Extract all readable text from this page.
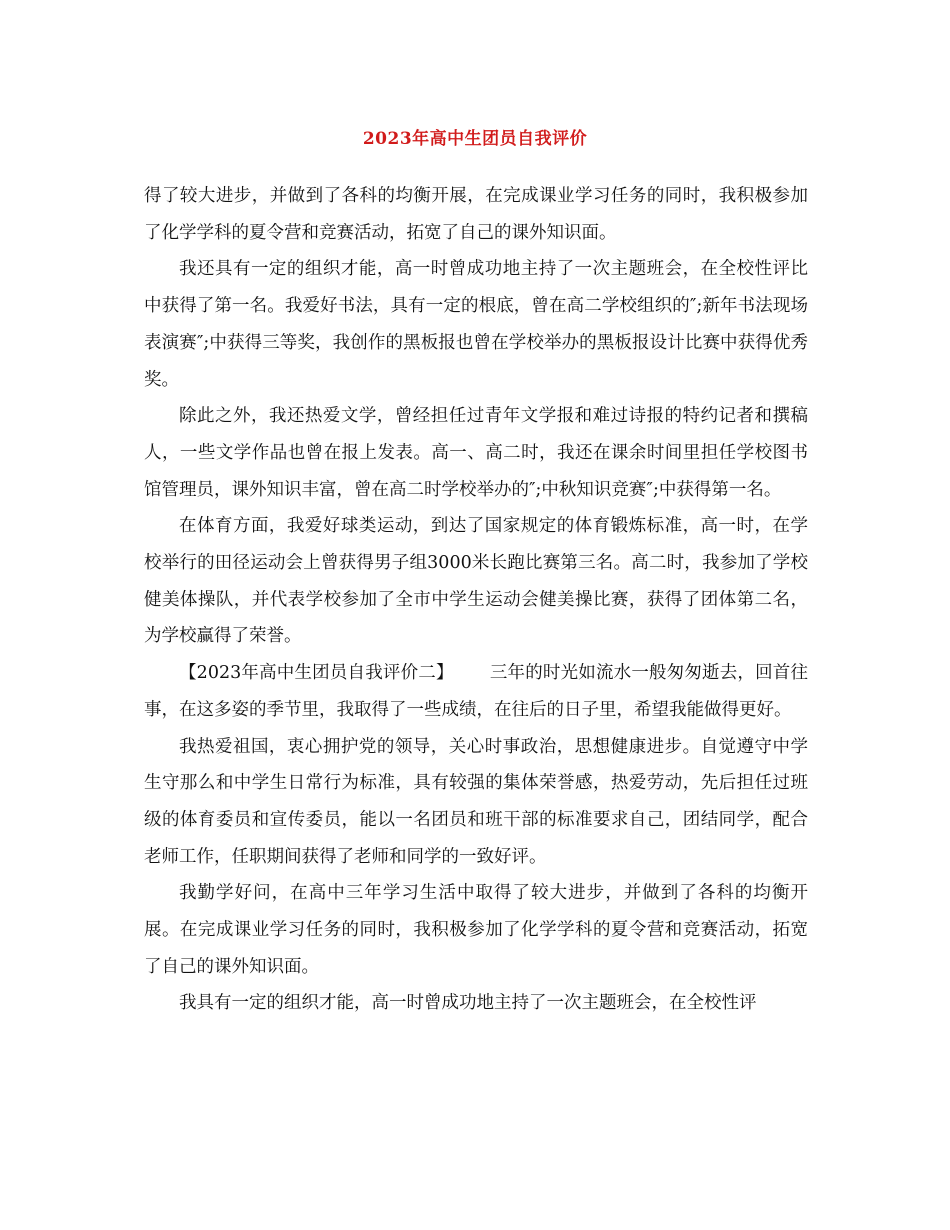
2023年高中生团员自我评价

得了较大进步，并做到了各科的均衡开展，在完成课业学习任务的同时，我积极参加了化学学科的夏令营和竞赛活动，拓宽了自己的课外知识面。

我还具有一定的组织才能，高一时曾成功地主持了一次主题班会，在全校性评比中获得了第一名。我爱好书法，具有一定的根底，曾在高二学校组织的″;新年书法现场表演赛″;中获得三等奖，我创作的黑板报也曾在学校举办的黑板报设计比赛中获得优秀奖。

除此之外，我还热爱文学，曾经担任过青年文学报和难过诗报的特约记者和撰稿人，一些文学作品也曾在报上发表。高一、高二时，我还在课余时间里担任学校图书馆管理员，课外知识丰富，曾在高二时学校举办的″;中秋知识竞赛″;中获得第一名。

在体育方面，我爱好球类运动，到达了国家规定的体育锻炼标准，高一时，在学校举行的田径运动会上曾获得男子组3000米长跑比赛第三名。高二时，我参加了学校健美体操队，并代表学校参加了全市中学生运动会健美操比赛，获得了团体第二名，为学校赢得了荣誉。

【2023年高中生团员自我评价二】 三年的时光如流水一般匆匆逝去，回首往事，在这多姿的季节里，我取得了一些成绩，在往后的日子里，希望我能做得更好。

我热爱祖国，衷心拥护党的领导，关心时事政治，思想健康进步。自觉遵守中学生守那么和中学生日常行为标准，具有较强的集体荣誉感，热爱劳动，先后担任过班级的体育委员和宣传委员，能以一名团员和班干部的标准要求自己，团结同学，配合老师工作，任职期间获得了老师和同学的一致好评。

我勤学好问，在高中三年学习生活中取得了较大进步，并做到了各科的均衡开展。在完成课业学习任务的同时，我积极参加了化学学科的夏令营和竞赛活动，拓宽了自己的课外知识面。

我具有一定的组织才能，高一时曾成功地主持了一次主题班会，在全校性评
